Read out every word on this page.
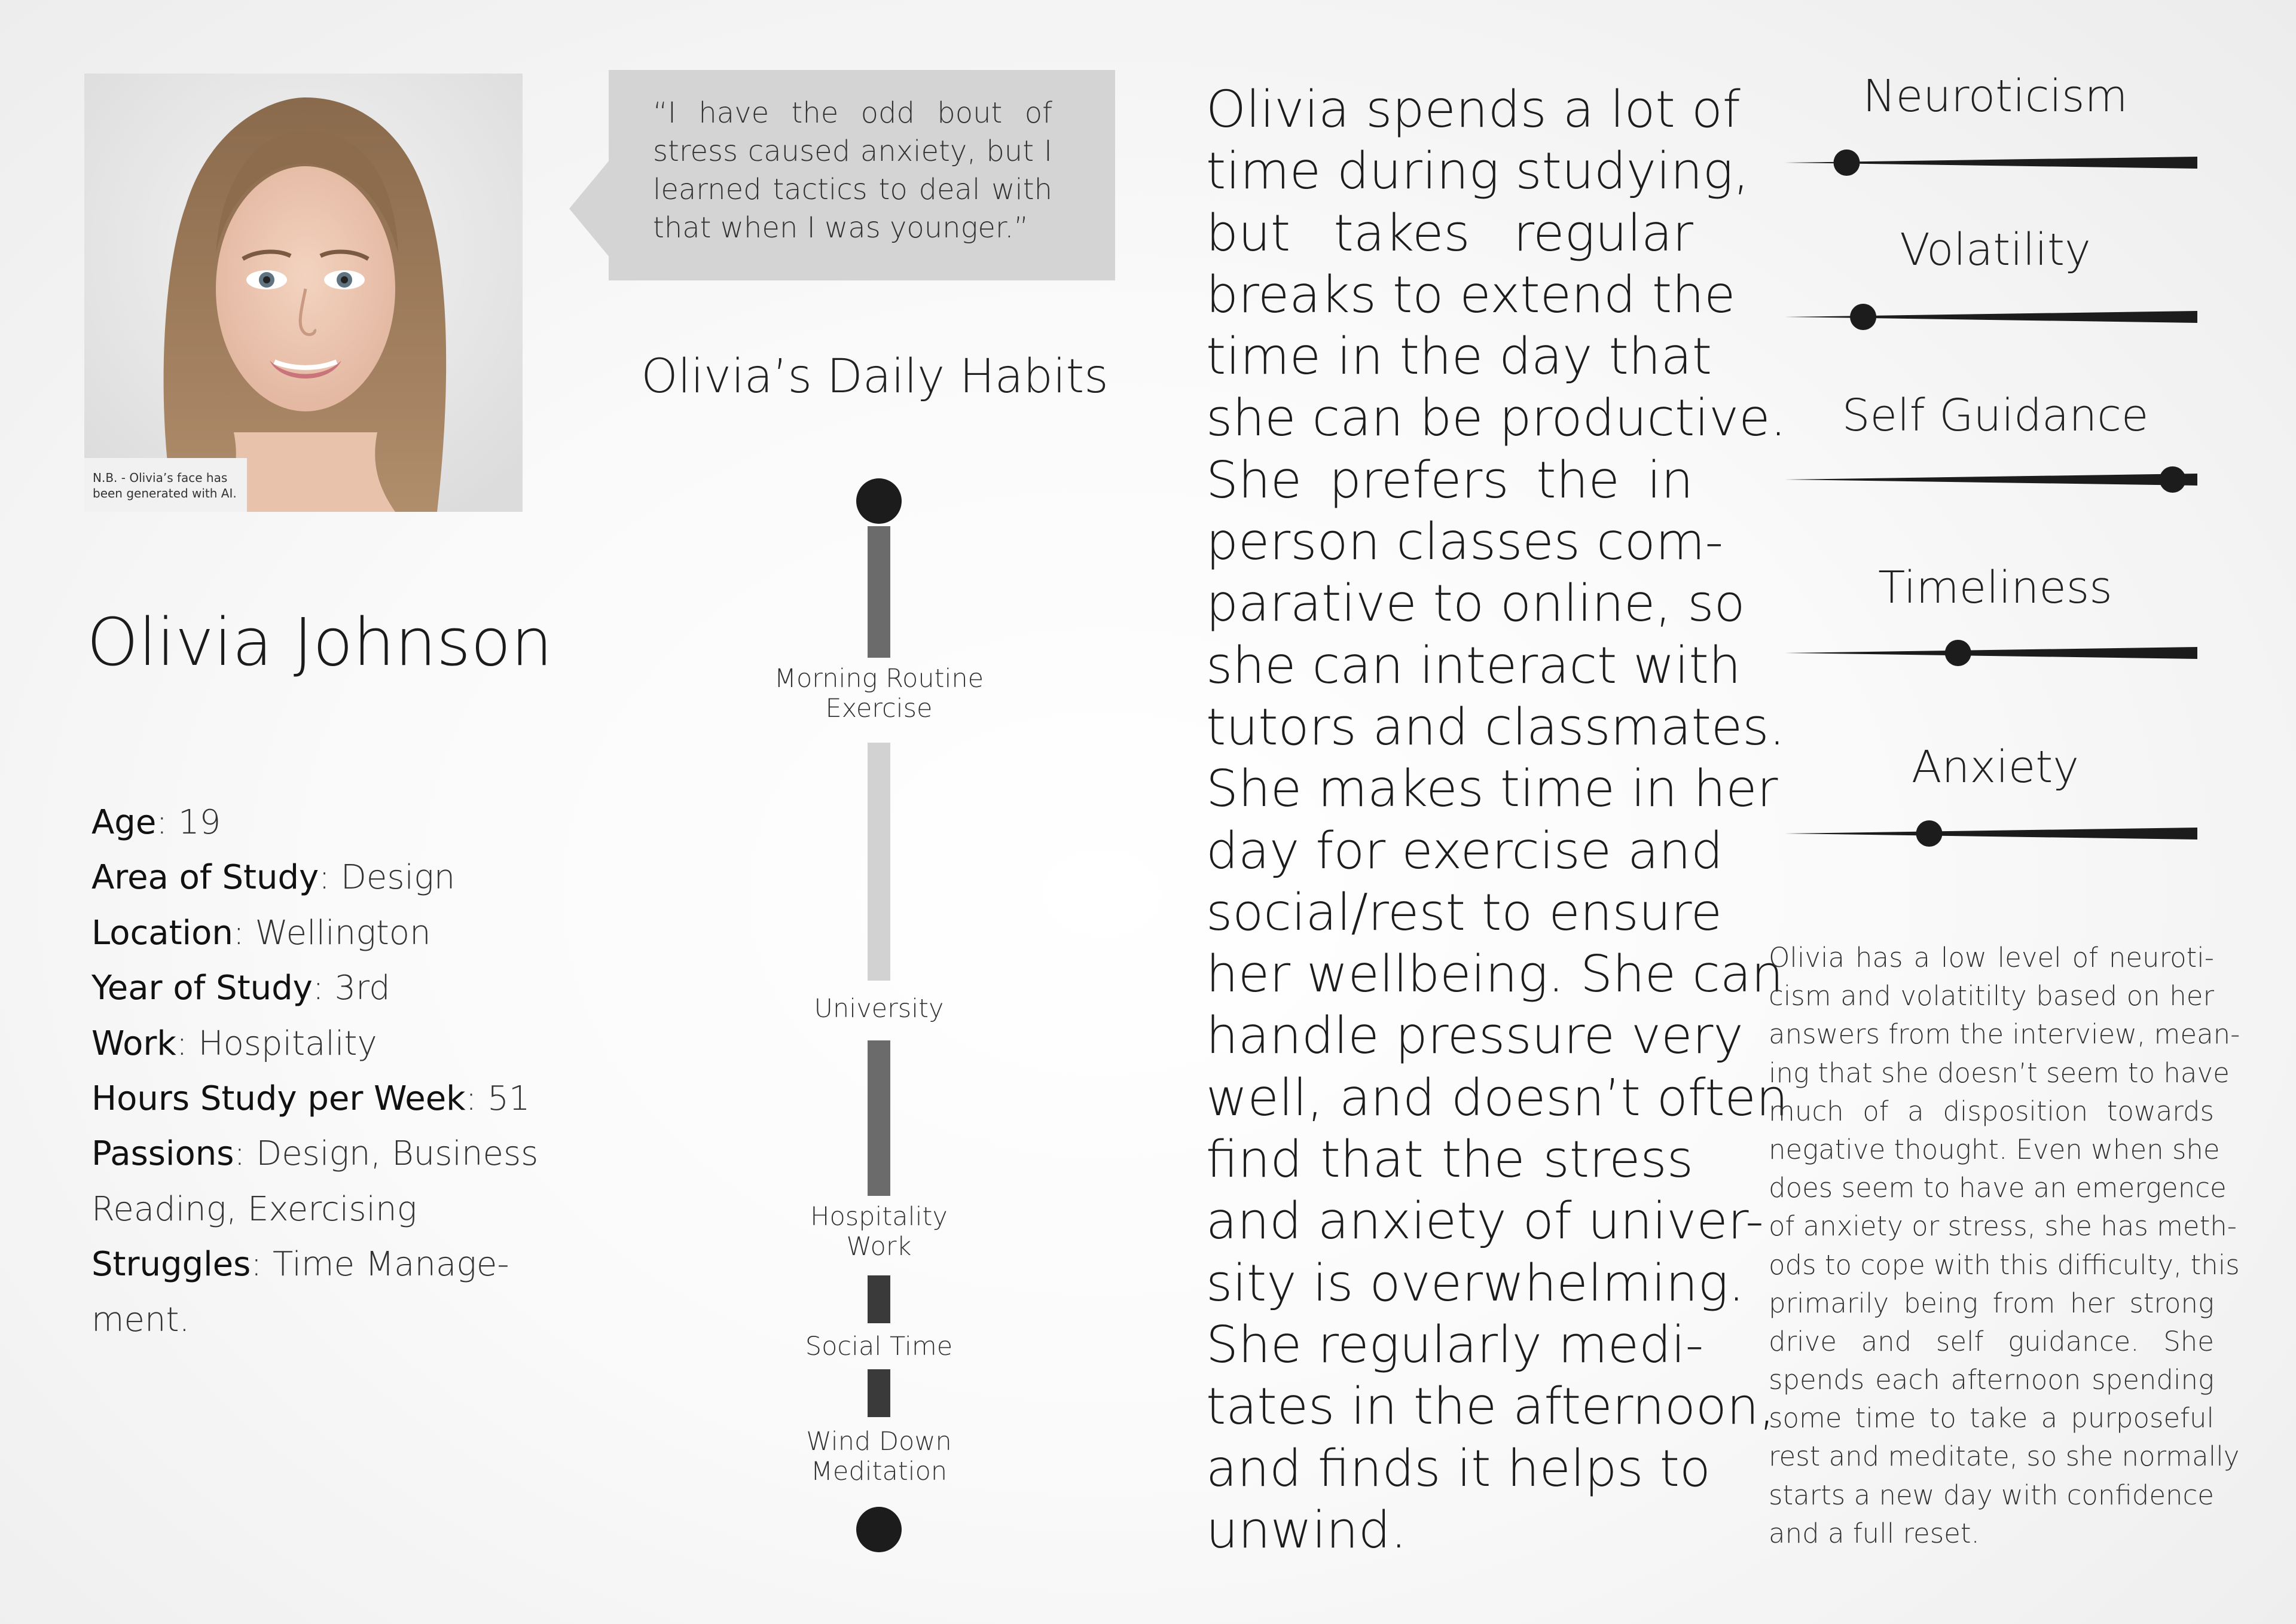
N.B. - Olivia’s face has
been generated with AI.
Olivia Johnson
Age: 19
Area of Study: Design
Location: Wellington
Year of Study: 3rd
Work: Hospitality
Hours Study per Week: 51
Passions: Design, Business
Reading, Exercising
Struggles: Time Manage-
ment.
“I have the odd bout of stress caused anxiety, but I learned tactics to deal with that when I was younger.”
Olivia’s Daily Habits
Morning Routine
Exercise
University
Hospitality
Work
Social Time
Wind Down
Meditation
Olivia spends a lot of
time during studying,
but takes regular
breaks to extend the
time in the day that
she can be productive.
She prefers the in
person classes com-
parative to online, so
she can interact with
tutors and classmates.
She makes time in her
day for exercise and
social/rest to ensure
her wellbeing. She can
handle pressure very
well, and doesn’t often
find that the stress
and anxiety of univer-
sity is overwhelming.
She regularly medi-
tates in the afternoon,
and finds it helps to
unwind.
Neuroticism
Volatility
Self Guidance
Timeliness
Anxiety
Olivia has a low level of neuroti-
cism and volatitilty based on her
answers from the interview, mean-
ing that she doesn’t seem to have
much of a disposition towards
negative thought. Even when she
does seem to have an emergence
of anxiety or stress, she has meth-
ods to cope with this difficulty, this
primarily being from her strong
drive and self guidance. She
spends each afternoon spending
some time to take a purposeful
rest and meditate, so she normally
starts a new day with confidence
and a full reset.
